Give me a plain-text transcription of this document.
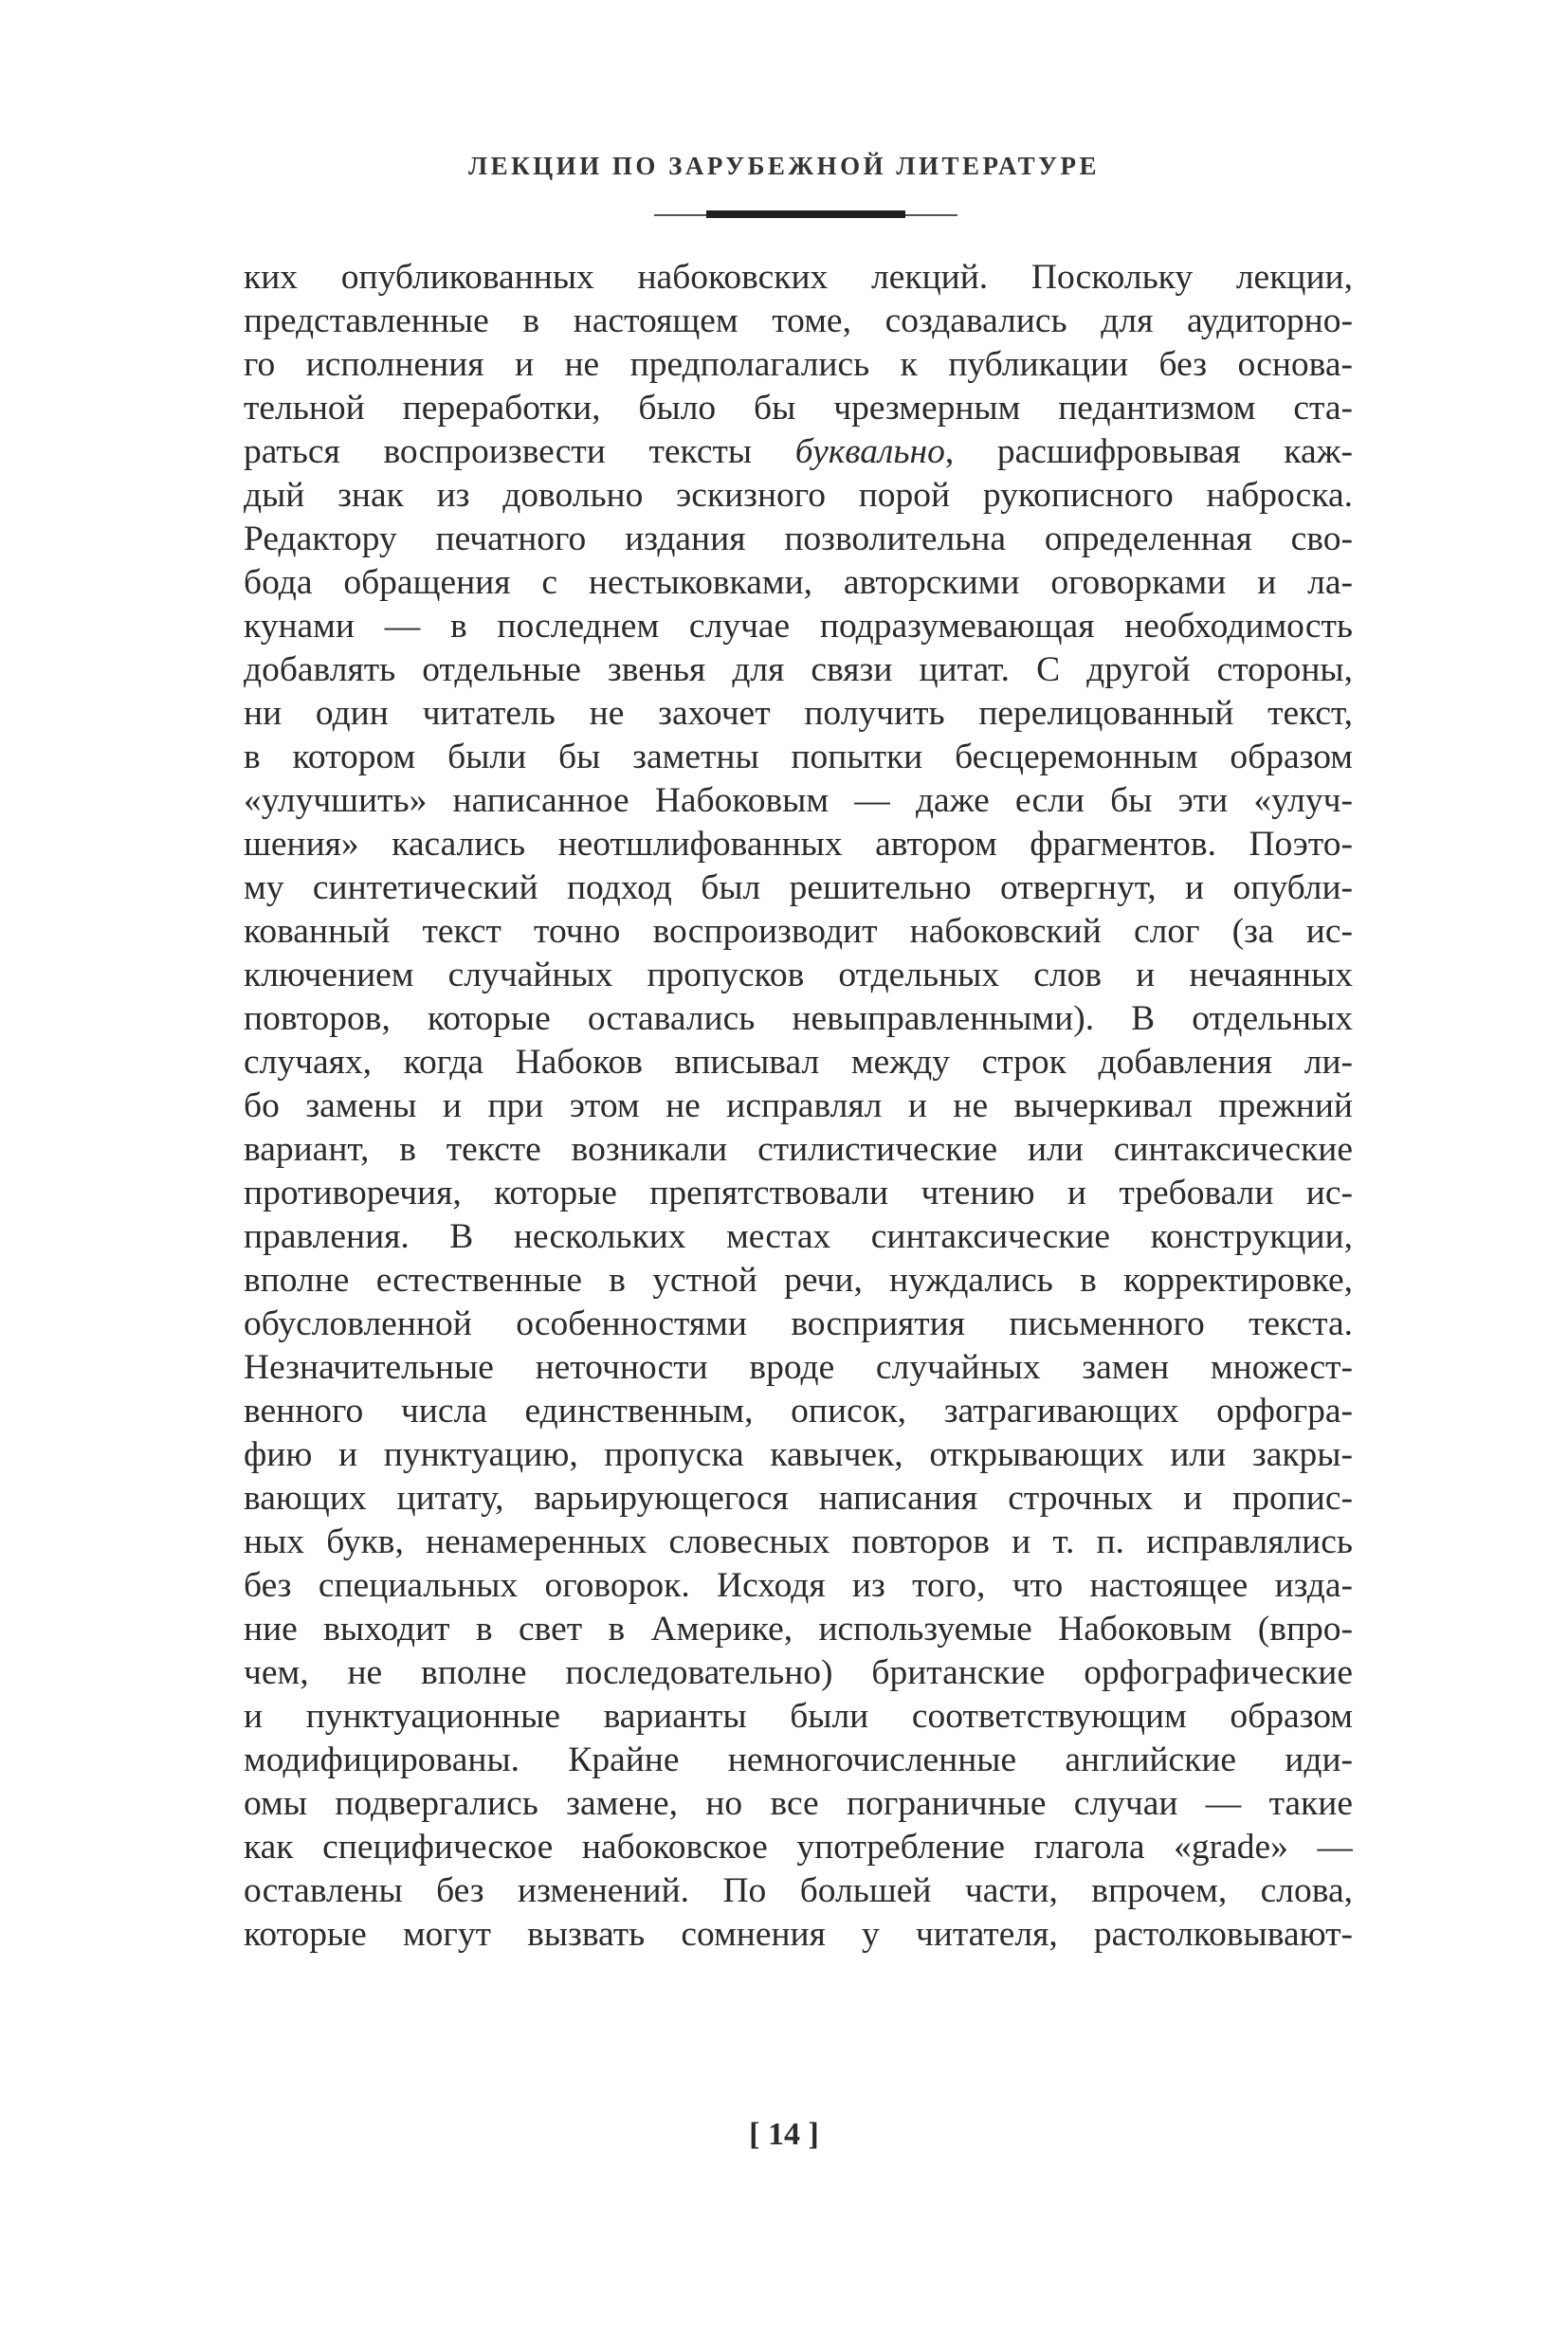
ЛЕКЦИИ ПО ЗАРУБЕЖНОЙ ЛИТЕРАТУРЕ
ких опубликованных набоковских лекций. Поскольку лекции,
представленные в настоящем томе, создавались для аудиторно-
го исполнения и не предполагались к публикации без основа-
тельной переработки, было бы чрезмерным педантизмом ста-
раться воспроизвести тексты буквально, расшифровывая каж-
дый знак из довольно эскизного порой рукописного наброска.
Редактору печатного издания позволительна определенная сво-
бода обращения с нестыковками, авторскими оговорками и ла-
кунами — в последнем случае подразумевающая необходимость
добавлять отдельные звенья для связи цитат. С другой стороны,
ни один читатель не захочет получить перелицованный текст,
в котором были бы заметны попытки бесцеремонным образом
«улучшить» написанное Набоковым — даже если бы эти «улуч-
шения» касались неотшлифованных автором фрагментов. Поэто-
му синтетический подход был решительно отвергнут, и опубли-
кованный текст точно воспроизводит набоковский слог (за ис-
ключением случайных пропусков отдельных слов и нечаянных
повторов, которые оставались невыправленными). В отдельных
случаях, когда Набоков вписывал между строк добавления ли-
бо замены и при этом не исправлял и не вычеркивал прежний
вариант, в тексте возникали стилистические или синтаксические
противоречия, которые препятствовали чтению и требовали ис-
правления. В нескольких местах синтаксические конструкции,
вполне естественные в устной речи, нуждались в корректировке,
обусловленной особенностями восприятия письменного текста.
Незначительные неточности вроде случайных замен множест-
венного числа единственным, описок, затрагивающих орфогра-
фию и пунктуацию, пропуска кавычек, открывающих или закры-
вающих цитату, варьирующегося написания строчных и пропис-
ных букв, ненамеренных словесных повторов и т. п. исправлялись
без специальных оговорок. Исходя из того, что настоящее изда-
ние выходит в свет в Америке, используемые Набоковым (впро-
чем, не вполне последовательно) британские орфографические
и пунктуационные варианты были соответствующим образом
модифицированы. Крайне немногочисленные английские иди-
омы подвергались замене, но все пограничные случаи — такие
как специфическое набоковское употребление глагола «grade» —
оставлены без изменений. По большей части, впрочем, слова,
которые могут вызвать сомнения у читателя, растолковывают-
[ 14 ]
